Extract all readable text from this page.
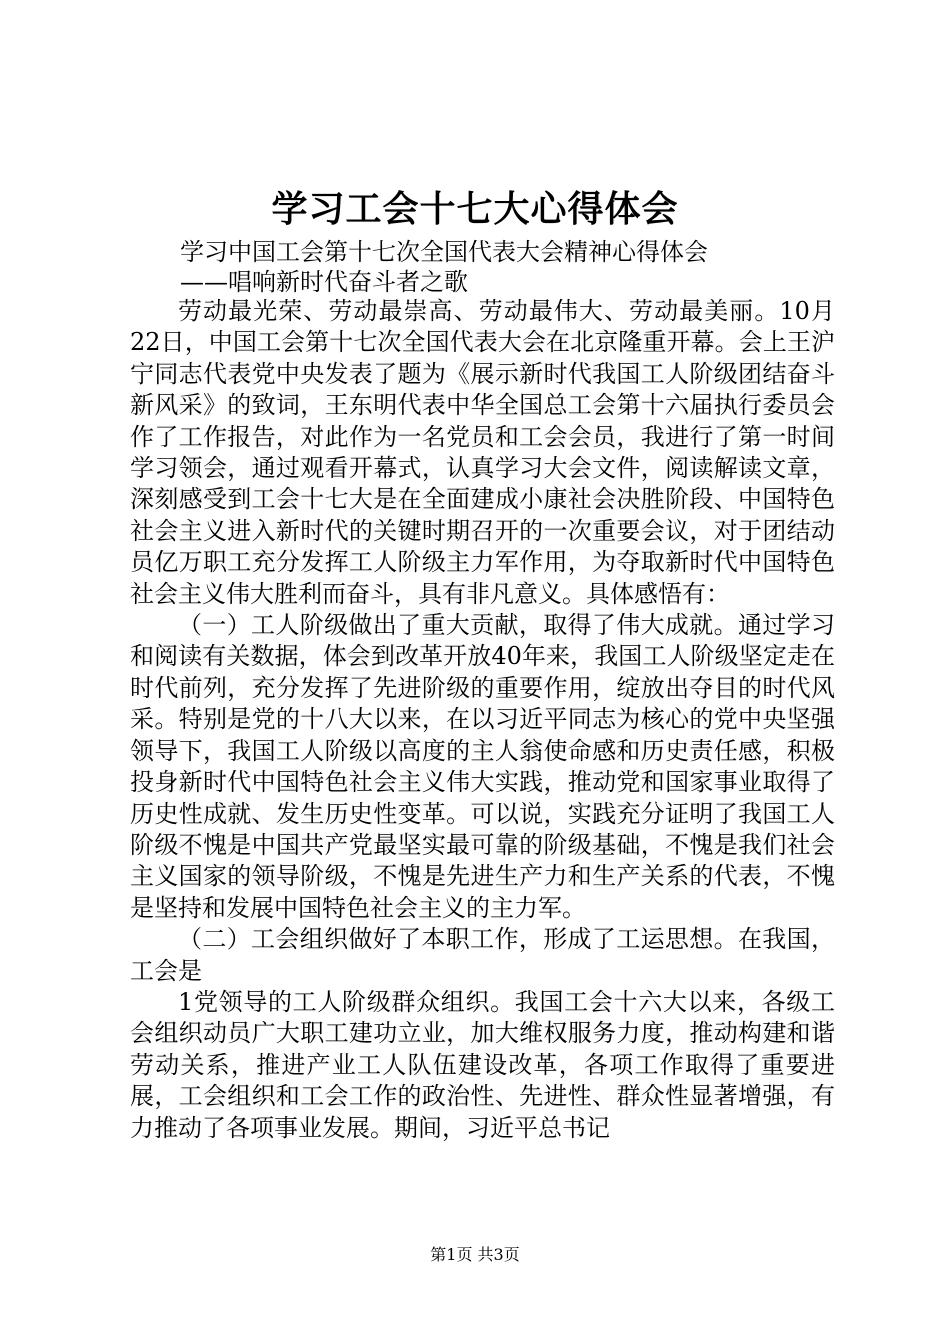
学习工会十七大心得体会
学习中国工会第十七次全国代表大会精神心得体会
——唱响新时代奋斗者之歌

劳动最光荣、劳动最崇高、劳动最伟大、劳动最美丽。10月22日，中国工会第十七次全国代表大会在北京隆重开幕。会上王沪宁同志代表党中央发表了题为《展示新时代我国工人阶级团结奋斗新风采》的致词，王东明代表中华全国总工会第十六届执行委员会作了工作报告，对此作为一名党员和工会会员，我进行了第一时间学习领会，通过观看开幕式，认真学习大会文件，阅读解读文章，深刻感受到工会十七大是在全面建成小康社会决胜阶段、中国特色社会主义进入新时代的关键时期召开的一次重要会议，对于团结动员亿万职工充分发挥工人阶级主力军作用，为夺取新时代中国特色社会主义伟大胜利而奋斗，具有非凡意义。具体感悟有：

（一）工人阶级做出了重大贡献，取得了伟大成就。通过学习和阅读有关数据，体会到改革开放40年来，我国工人阶级坚定走在时代前列，充分发挥了先进阶级的重要作用，绽放出夺目的时代风采。特别是党的十八大以来，在以习近平同志为核心的党中央坚强领导下，我国工人阶级以高度的主人翁使命感和历史责任感，积极投身新时代中国特色社会主义伟大实践，推动党和国家事业取得了历史性成就、发生历史性变革。可以说，实践充分证明了我国工人阶级不愧是中国共产党最坚实最可靠的阶级基础，不愧是我们社会主义国家的领导阶级，不愧是先进生产力和生产关系的代表，不愧是坚持和发展中国特色社会主义的主力军。

（二）工会组织做好了本职工作，形成了工运思想。在我国，工会是

1党领导的工人阶级群众组织。我国工会十六大以来，各级工会组织动员广大职工建功立业，加大维权服务力度，推动构建和谐劳动关系，推进产业工人队伍建设改革，各项工作取得了重要进展，工会组织和工会工作的政治性、先进性、群众性显著增强，有力推动了各项事业发展。期间，习近平总书记

第1页 共3页
